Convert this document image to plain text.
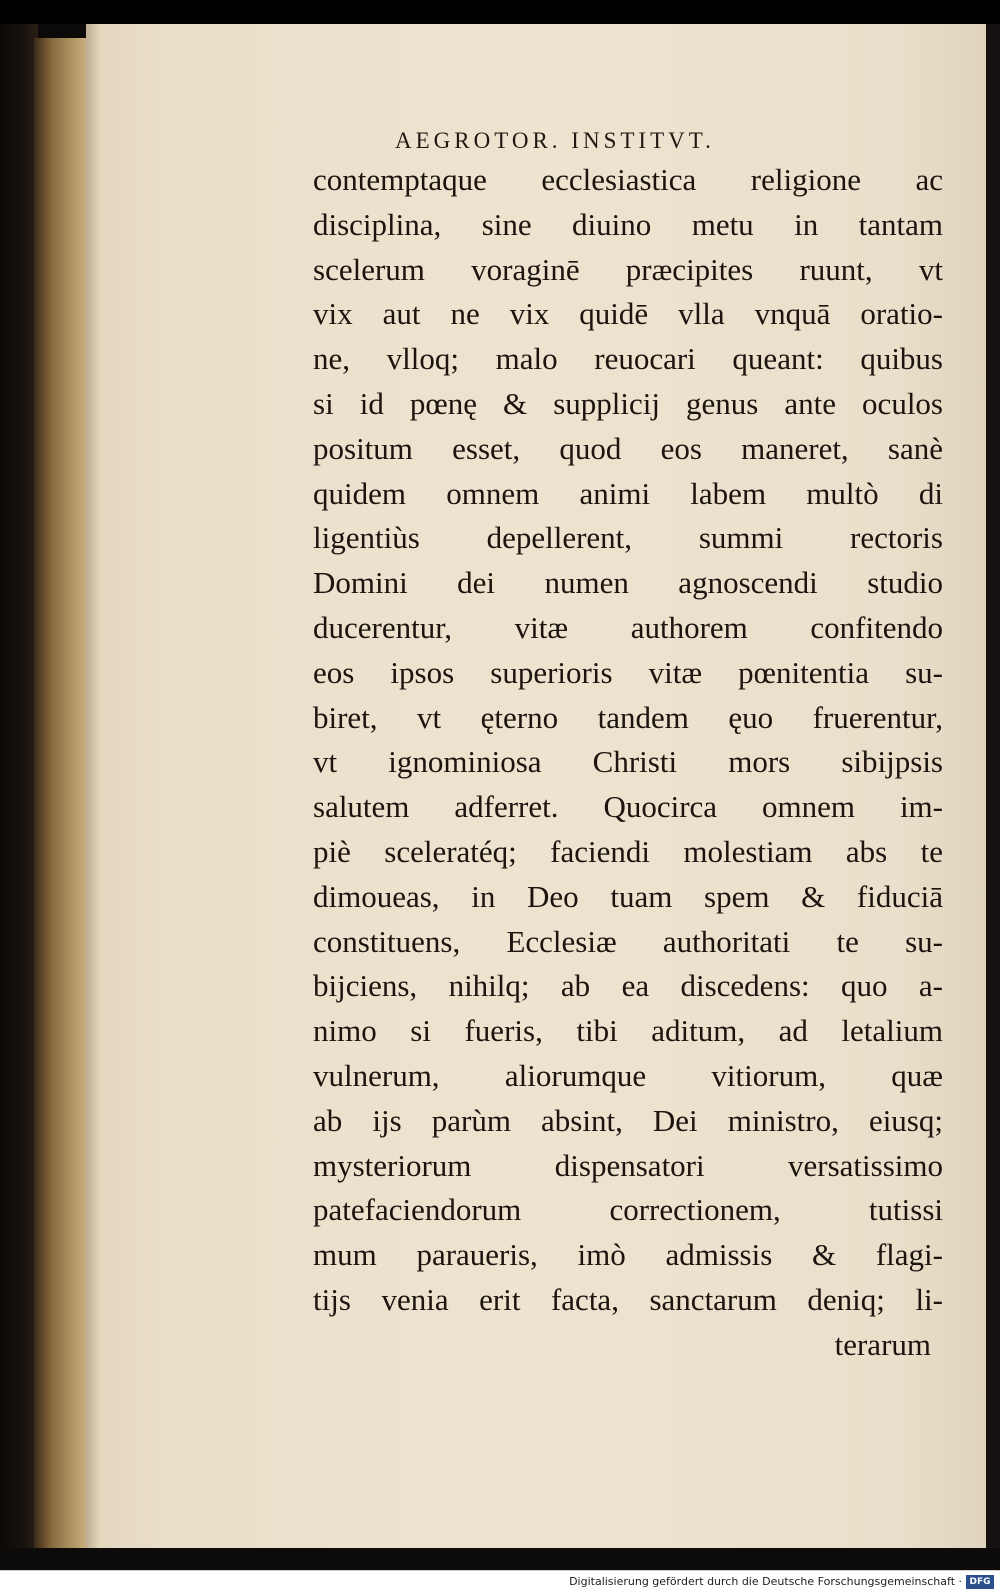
AEGROTOR. INSTITVT.
contemptaque ecclesiastica religione ac
disciplina, sine diuino metu in tantam
scelerum voraginē præcipites ruunt, vt
vix aut ne vix quidē vlla vnquā oratio-
ne, vlloq; malo reuocari queant: quibus
si id pœnę & supplicij genus ante oculos
positum esset, quod eos maneret, sanè
quidem omnem animi labem multò di
ligentiùs depellerent, summi rectoris
Domini dei numen agnoscendi studio
ducerentur, vitæ authorem confitendo
eos ipsos superioris vitæ pœnitentia su-
biret, vt ęterno tandem ęuo fruerentur,
vt ignominiosa Christi mors sibijpsis
salutem adferret. Quocirca omnem im-
piè sceleratéq; faciendi molestiam abs te
dimoueas, in Deo tuam spem & fiduciā
constituens, Ecclesiæ authoritati te su-
bijciens, nihilq; ab ea discedens: quo a-
nimo si fueris, tibi aditum, ad letalium
vulnerum, aliorumque vitiorum, quæ
ab ijs parùm absint, Dei ministro, eiusq;
mysteriorum dispensatori versatissimo
patefaciendorum correctionem, tutissi
mum paraueris, imò admissis & flagi-
tijs venia erit facta, sanctarum deniq; li-
terarum
Digitalisierung gefördert durch die Deutsche Forschungsgemeinschaft · DFG
